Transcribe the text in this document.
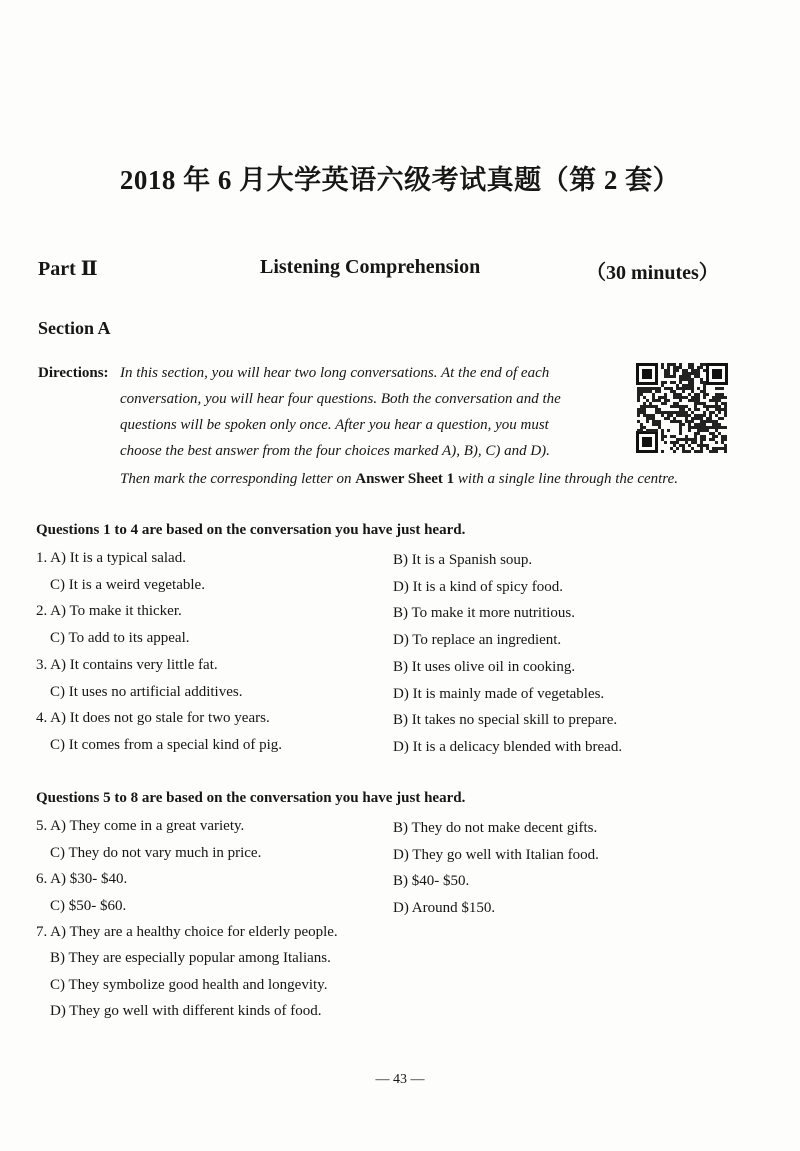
2018 年 6 月大学英语六级考试真题（第 2 套）
Part Ⅱ	Listening Comprehension	（30 minutes）
Section A
Directions: In this section, you will hear two long conversations. At the end of each
conversation, you will hear four questions. Both the conversation and the
questions will be spoken only once. After you hear a question, you must
choose the best answer from the four choices marked A), B), C) and D).
Then mark the corresponding letter on Answer Sheet 1 with a single line through the centre.
Questions 1 to 4 are based on the conversation you have just heard.
1. A) It is a typical salad.	B) It is a Spanish soup.
C) It is a weird vegetable.	D) It is a kind of spicy food.
2. A) To make it thicker.	B) To make it more nutritious.
C) To add to its appeal.	D) To replace an ingredient.
3. A) It contains very little fat.	B) It uses olive oil in cooking.
C) It uses no artificial additives.	D) It is mainly made of vegetables.
4. A) It does not go stale for two years.	B) It takes no special skill to prepare.
C) It comes from a special kind of pig.	D) It is a delicacy blended with bread.
Questions 5 to 8 are based on the conversation you have just heard.
5. A) They come in a great variety.	B) They do not make decent gifts.
C) They do not vary much in price.	D) They go well with Italian food.
6. A) $30- $40.	B) $40- $50.
C) $50- $60.	D) Around $150.
7. A) They are a healthy choice for elderly people.
B) They are especially popular among Italians.
C) They symbolize good health and longevity.
D) They go well with different kinds of food.
— 43 —
